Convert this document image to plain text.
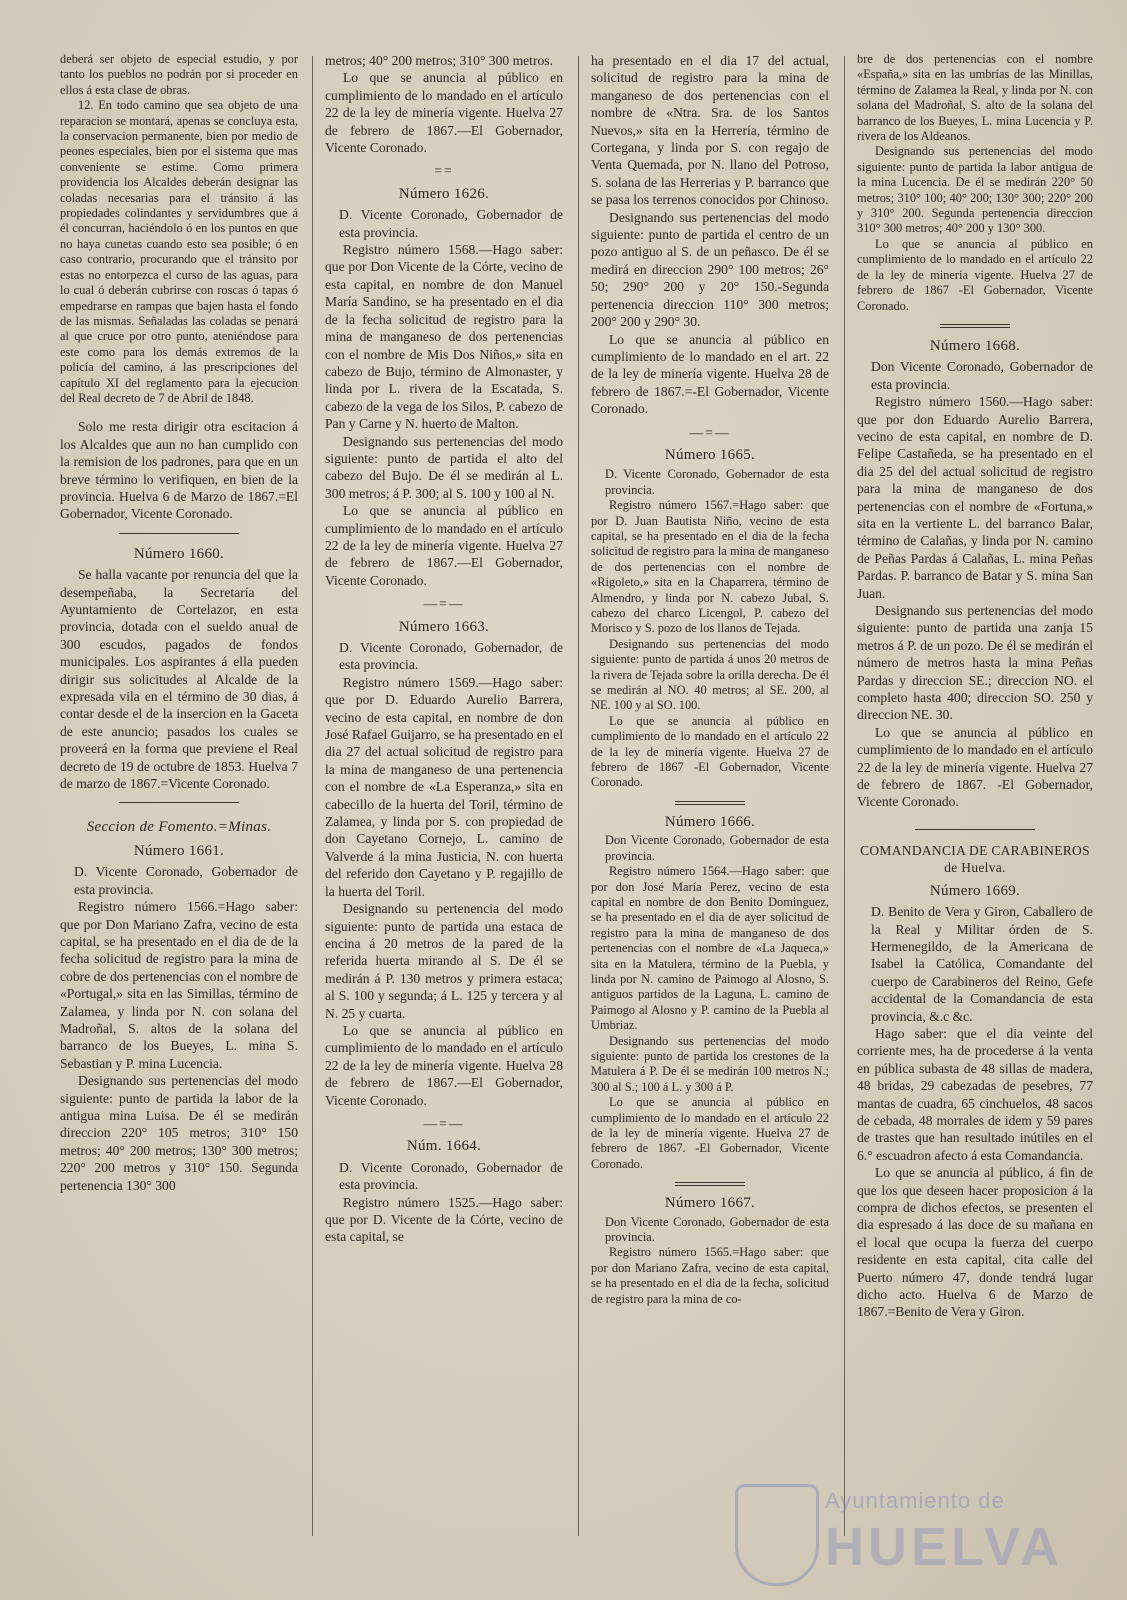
deberá ser objeto de especial estudio, y por tanto los pueblos no podrán por si proceder en ellos á esta clase de obras.

12. En todo camino que sea objeto de una reparacion se montará, apenas se concluya esta, la conservacion permanente, bien por medio de peones especiales, bien por el sistema que mas conveniente se estime. Como primera providencia los Alcaldes deberán designar las coladas necesarias para el tránsito á las propiedades colindantes y servidumbres que á él concurran, haciéndolo ó en los puntos en que no haya cunetas cuando esto sea posible; ó en caso contrario, procurando que el tránsito por estas no entorpezca el curso de las aguas, para lo cual ó deberán cubrirse con roscas ó tapas ó empedrarse en rampas que bajen hasta el fondo de las mismas. Señaladas las coladas se penará al que cruce por otro punto, ateniéndose para este como para los demás extremos de la policía del camino, á las prescripciones del capítulo XI del reglamento para la ejecucion del Real decreto de 7 de Abril de 1848.

Solo me resta dirigir otra escitacion á los Alcaldes que aun no han cumplido con la remision de los padrones, para que en un breve término lo verifiquen, en bien de la provincia. Huelva 6 de Marzo de 1867.=El Gobernador, Vicente Coronado.

Número 1660.

Se halla vacante por renuncia del que la desempeñaba, la Secretaría del Ayuntamiento de Cortelazor, en esta provincia, dotada con el sueldo anual de 300 escudos, pagados de fondos municipales. Los aspirantes á ella pueden dirigir sus solicitudes al Alcalde de la expresada vila en el término de 30 dias, á contar desde el de la insercion en la Gaceta de este anuncio; pasados los cuales se proveerá en la forma que previene el Real decreto de 19 de octubre de 1853. Huelva 7 de marzo de 1867.=Vicente Coronado.

Seccion de Fomento.=Minas.
Número 1661.

D. Vicente Coronado, Gobernador de esta provincia.

Registro número 1566.=Hago saber: que por Don Mariano Zafra, vecino de esta capital, se ha presentado en el dia de de la fecha solicitud de registro para la mina de cobre de dos pertenencias con el nombre de «Portugal,» sita en las Simillas, término de Zalamea, y linda por N. con solana del Madroñal, S. altos de la solana del barranco de los Bueyes, L. mina S. Sebastian y P. mina Lucencia.

Designando sus pertenencias del modo siguiente: punto de partida la labor de la antigua mina Luisa. De él se medirán direccion 220° 105 metros; 310° 150 metros; 40° 200 metros; 130° 300 metros; 220° 200 metros y 310° 150. Segunda pertenencia 130° 300

metros; 40° 200 metros; 310° 300 metros.

Lo que se anuncia al público en cumplimiento de lo mandado en el artículo 22 de la ley de minería vigente. Huelva 27 de febrero de 1867.—El Gobernador, Vicente Coronado.

==
Número 1626.

D. Vicente Coronado, Gobernador de esta provincia.

Registro número 1568.—Hago saber: que por Don Vicente de la Córte, vecino de esta capital, en nombre de don Manuel María Sandino, se ha presentado en el dia de la fecha solicitud de registro para la mina de manganeso de dos pertenencias con el nombre de Mis Dos Niños,» sita en cabezo de Bujo, término de Almonaster, y linda por L. rivera de la Escatada, S. cabezo de la vega de los Silos, P. cabezo de Pan y Carne y N. huerto de Malton.

Designando sus pertenencias del modo siguiente: punto de partida el alto del cabezo del Bujo. De él se medirán al L. 300 metros; á P. 300; al S. 100 y 100 al N.

Lo que se anuncia al público en cumplimiento de lo mandado en el artículo 22 de la ley de minería vigente. Huelva 27 de febrero de 1867.—El Gobernador, Vicente Coronado.

—=—
Número 1663.

D. Vicente Coronado, Gobernador, de esta provincia.

Registro número 1569.—Hago saber: que por D. Eduardo Aurelio Barrera, vecino de esta capital, en nombre de don José Rafael Guijarro, se ha presentado en el dia 27 del actual solicitud de registro para la mina de manganeso de una pertenencia con el nombre de «La Esperanza,» sita en cabecillo de la huerta del Toril, término de Zalamea, y linda por S. con propiedad de don Cayetano Cornejo, L. camino de Valverde á la mina Justicia, N. con huerta del referido don Cayetano y P. regajillo de la huerta del Toril.

Designando su pertenencia del modo siguiente: punto de partida una estaca de encina á 20 metros de la pared de la referida huerta mirando al S. De él se medirán á P. 130 metros y primera estaca; al S. 100 y segunda; á L. 125 y tercera y al N. 25 y cuarta.

Lo que se anuncia al público en cumplimiento de lo mandado en el artículo 22 de la ley de minería vigente. Huelva 28 de febrero de 1867.—El Gobernador, Vicente Coronado.

—=—
Núm. 1664.

D. Vicente Coronado, Gobernador de esta provincia.

Registro número 1525.—Hago saber: que por D. Vicente de la Córte, vecino de esta capital, se

ha presentado en el dia 17 del actual, solicitud de registro para la mina de manganeso de dos pertenencias con el nombre de «Ntra. Sra. de los Santos Nuevos,» sita en la Herrería, término de Cortegana, y linda por S. con regajo de Venta Quemada, por N. llano del Potroso, S. solana de las Herrerias y P. barranco que se pasa los terrenos conocidos por Chinoso.

Designando sus pertenencias del modo siguiente: punto de partida el centro de un pozo antiguo al S. de un peñasco. De él se medirá en direccion 290° 100 metros; 26° 50; 290° 200 y 20° 150.-Segunda pertenencia direccion 110° 300 metros; 200° 200 y 290° 30.

Lo que se anuncia al público en cumplimiento de lo mandado en el art. 22 de la ley de minería vigente. Huelva 28 de febrero de 1867.=-El Gobernador, Vicente Coronado.

—=—
Número 1665.

D. Vicente Coronado, Gobernador de esta provincia.

Registro número 1567.=Hago saber: que por D. Juan Bautista Niño, vecino de esta capital, se ha presentado en el dia de la fecha solicitud de registro para la mina de manganeso de dos pertenencias con el nombre de «Rigoleto,» sita en la Chaparrera, término de Almendro, y linda por N. cabezo Jubal, S. cabezo del charco Licengol, P. cabezo del Morisco y S. pozo de los llanos de Tejada.

Designando sus pertenencias del modo siguiente: punto de partida á unos 20 metros de la rivera de Tejada sobre la orilla derecha. De él se medirán al NO. 40 metros; al SE. 200, al NE. 100 y al SO. 100.

Lo que se anuncia al público en cumplimiento de lo mandado en el artículo 22 de la ley de minería vigente. Huelva 27 de febrero de 1867 -El Gobernador, Vicente Coronado.

Número 1666.

Don Vicente Coronado, Gobernador de esta provincia.

Registro número 1564.—Hago saber: que por don José María Perez, vecino de esta capital en nombre de don Benito Dominguez, se ha presentado en el dia de ayer solicitud de registro para la mina de manganeso de dos pertenencias con el nombre de «La Jaqueca,» sita en la Matulera, término de la Puebla, y linda por N. camino de Paimogo al Alosno, S. antiguos partidos de la Laguna, L. camino de Paimogo al Alosno y P. camino de la Puebla al Umbriaz.

Designando sus pertenencias del modo siguiente: punto de partida los crestones de la Matulera á P. De él se medirán 100 metros N.; 300 al S.; 100 á L. y 300 á P.

Lo que se anuncia al público en cumplimiento de lo mandado en el artículo 22 de la ley de minería vigente. Huelva 27 de febrero de 1867. -El Gobernador, Vicente Coronado.

Número 1667.

Don Vicente Coronado, Gobernador de esta provincia.

Registro número 1565.=Hago saber: que por don Mariano Zafra, vecino de esta capital, se ha presentado en el dia de la fecha, solicitud de registro para la mina de co-

bre de dos pertenencias con el nombre «España,» sita en las umbrías de las Minillas, término de Zalamea la Real, y linda por N. con solana del Madroñal, S. alto de la solana del barranco de los Bueyes, L. mina Lucencia y P. rivera de los Aldeanos.

Designando sus pertenencias del modo siguiente: punto de partida la labor antigua de la mina Lucencia. De él se medirán 220° 50 metros; 310° 100; 40° 200; 130° 300; 220° 200 y 310° 200. Segunda pertenencia direccion 310° 300 metros; 40° 200 y 130° 300.

Lo que se anuncia al público en cumplimiento de lo mandado en el artículo 22 de la ley de minería vigente. Huelva 27 de febrero de 1867 -El Gobernador, Vicente Coronado.

Número 1668.

Don Vicente Coronado, Gobernador de esta provincia.

Registro número 1560.—Hago saber: que por don Eduardo Aurelio Barrera, vecino de esta capital, en nombre de D. Felipe Castañeda, se ha presentado en el dia 25 del del actual solicitud de registro para la mina de manganeso de dos pertenencias con el nombre de «Fortuna,» sita en la vertiente L. del barranco Balar, término de Calañas, y linda por N. camino de Peñas Pardas á Calañas, L. mina Peñas Pardas. P. barranco de Batar y S. mina San Juan.

Designando sus pertenencias del modo siguiente: punto de partida una zanja 15 metros á P. de un pozo. De él se medirán el número de metros hasta la mina Peñas Pardas y direccion SE.; direccion NO. el completo hasta 400; direccion SO. 250 y direccion NE. 30.

Lo que se anuncia al público en cumplimiento de lo mandado en el artículo 22 de la ley de minería vigente. Huelva 27 de febrero de 1867. -El Gobernador, Vicente Coronado.

COMANDANCIA DE CARABINEROS de Huelva.
Número 1669.

D. Benito de Vera y Giron, Caballero de la Real y Militar órden de S. Hermenegildo, de la Americana de Isabel la Católica, Comandante del cuerpo de Carabineros del Reino, Gefe accidental de la Comandancia de esta provincia, &.c &c.

Hago saber: que el dia veinte del corriente mes, ha de procederse á la venta en pública subasta de 48 sillas de madera, 48 bridas, 29 cabezadas de pesebres, 77 mantas de cuadra, 65 cinchuelos, 48 sacos de cebada, 48 morrales de idem y 59 pares de trastes que han resultado inútiles en el 6.° escuadron afecto á esta Comandancia.

Lo que se anuncia al público, á fin de que los que deseen hacer proposicion á la compra de dichos efectos, se presenten el dia espresado á las doce de su mañana en el local que ocupa la fuerza del cuerpo residente en esta capital, cita calle del Puerto número 47, donde tendrá lugar dicho acto. Huelva 6 de Marzo de 1867.=Benito de Vera y Giron.

Ayuntamiento de
HUELVA
